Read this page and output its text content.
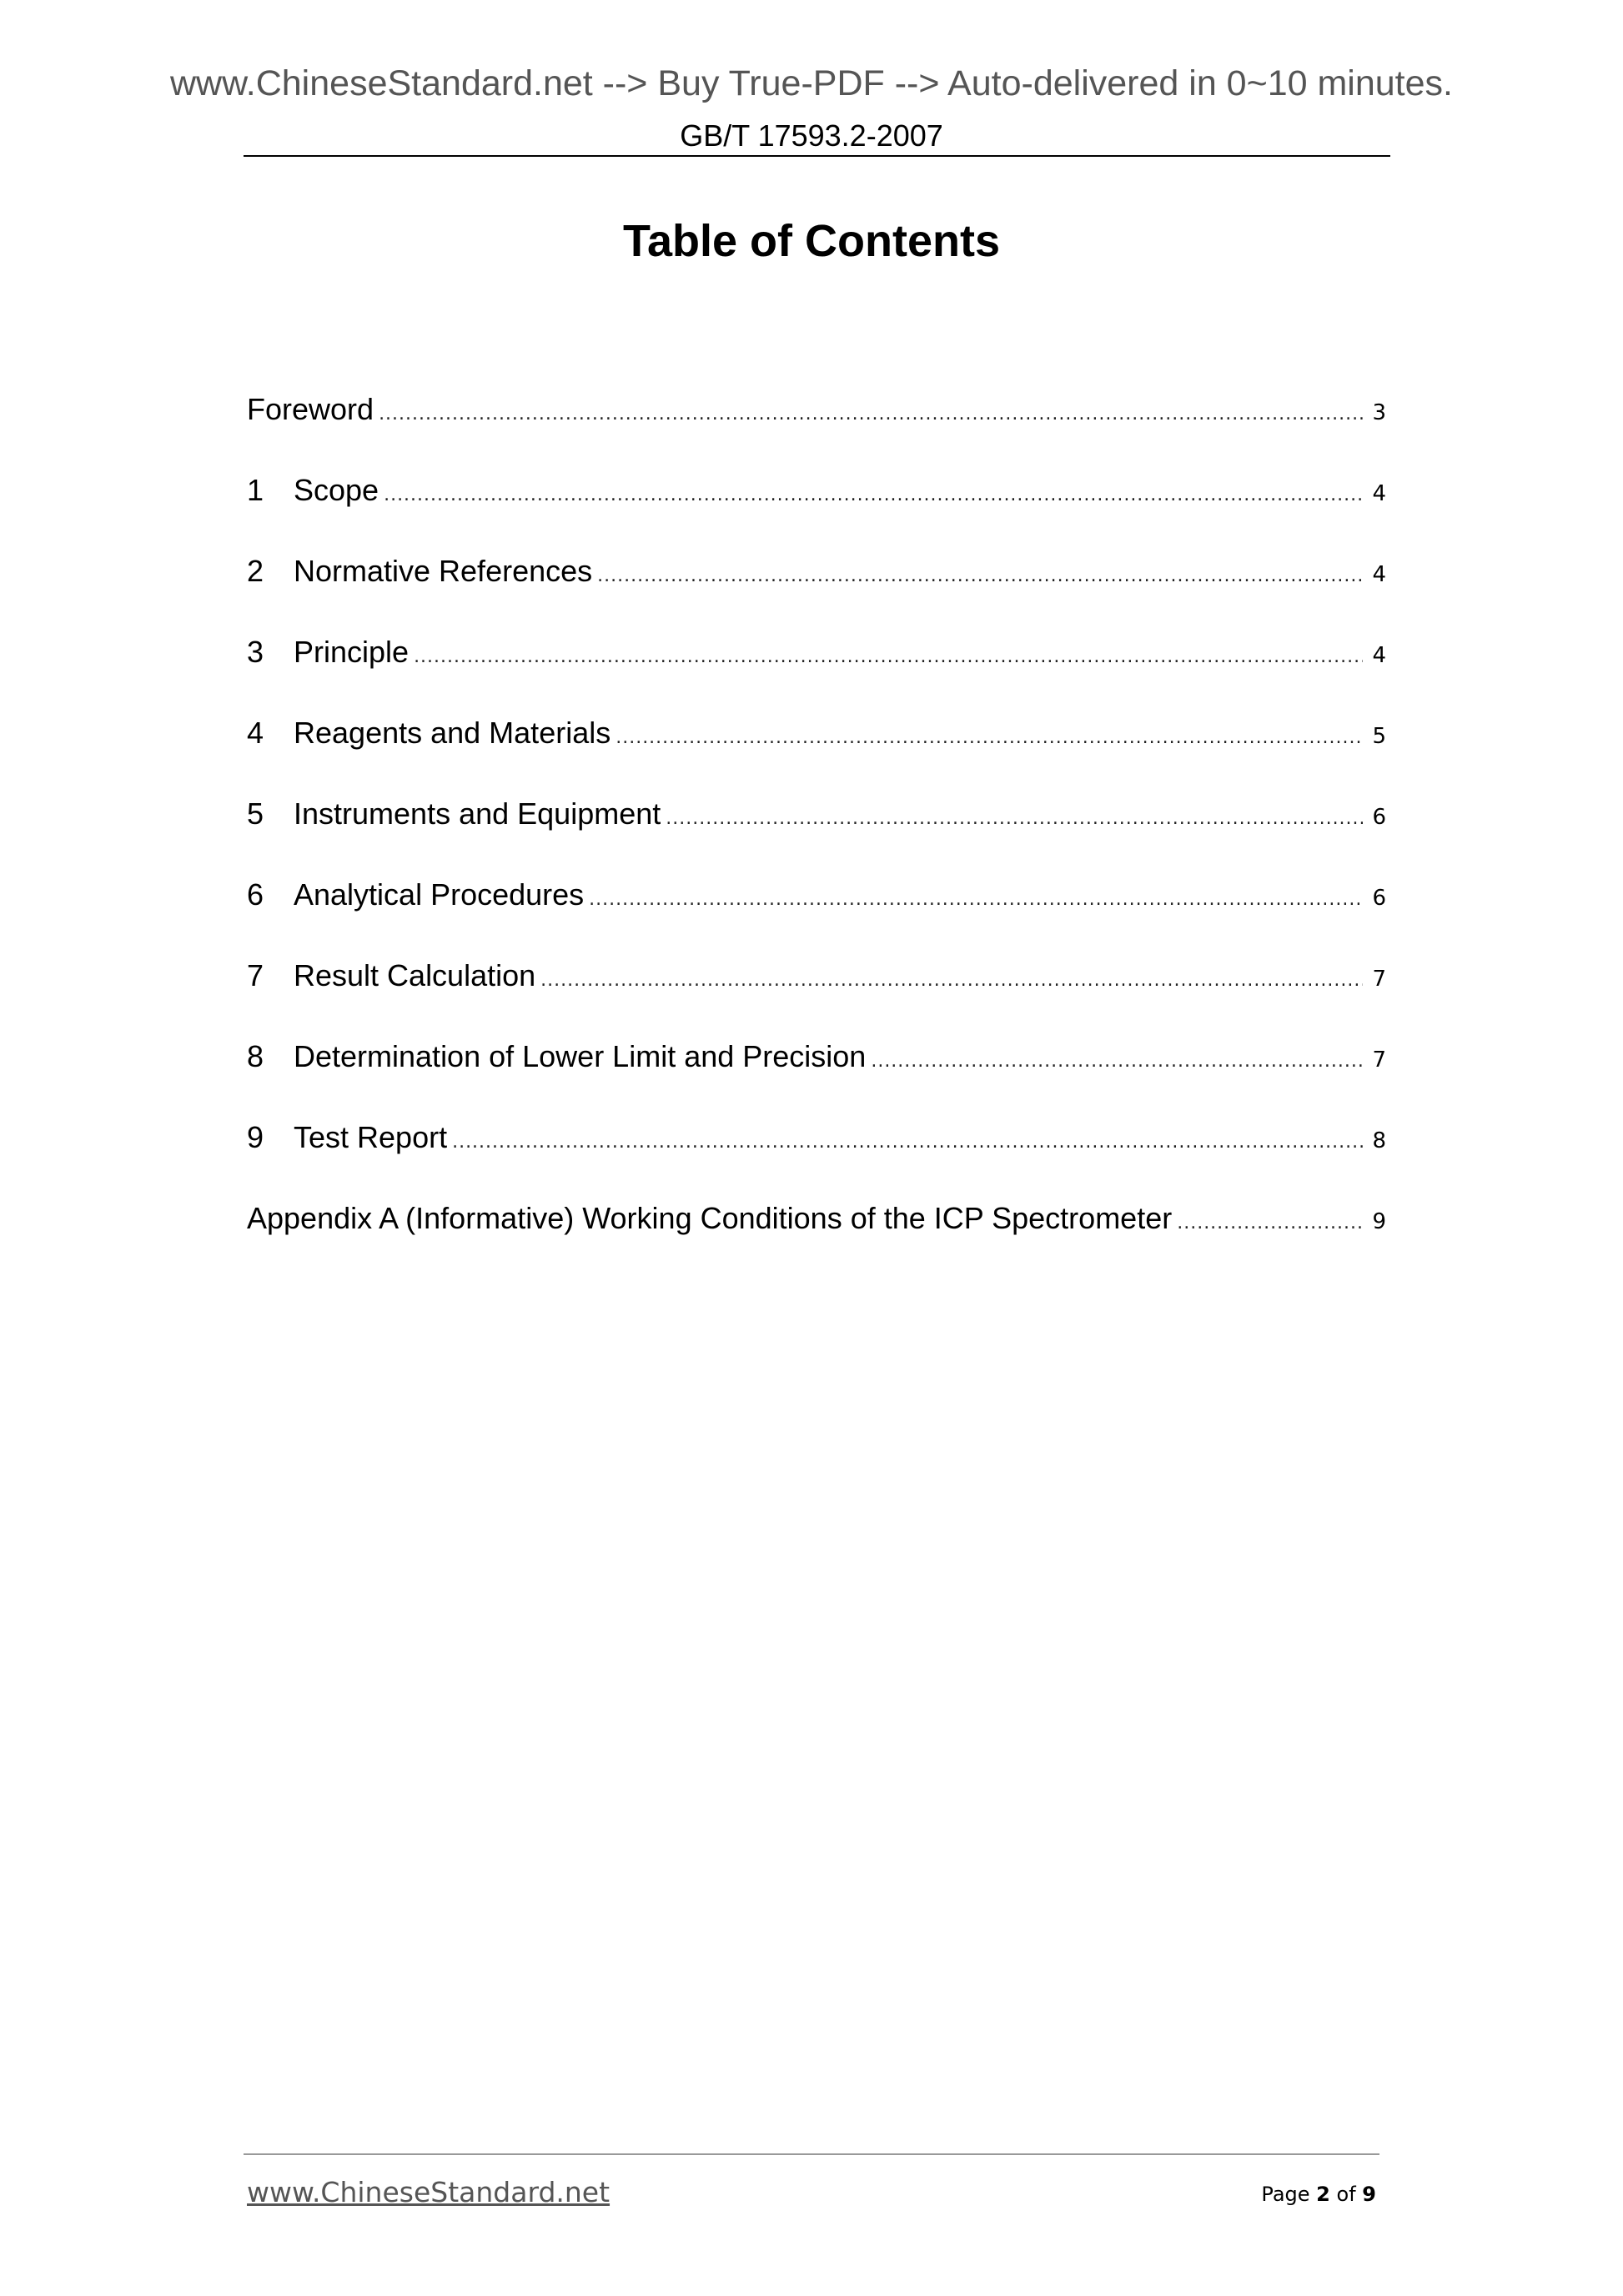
www.ChineseStandard.net --> Buy True-PDF --> Auto-delivered in 0~10 minutes.
GB/T 17593.2-2007
Table of Contents
Foreword .....	3
1 Scope .....	4
2 Normative References .....	4
3 Principle .....	4
4 Reagents and Materials .....	5
5 Instruments and Equipment .....	6
6 Analytical Procedures .....	6
7 Result Calculation .....	7
8 Determination of Lower Limit and Precision .....	7
9 Test Report .....	8
Appendix A (Informative) Working Conditions of the ICP Spectrometer .....	9
www.ChineseStandard.net	Page 2 of 9
